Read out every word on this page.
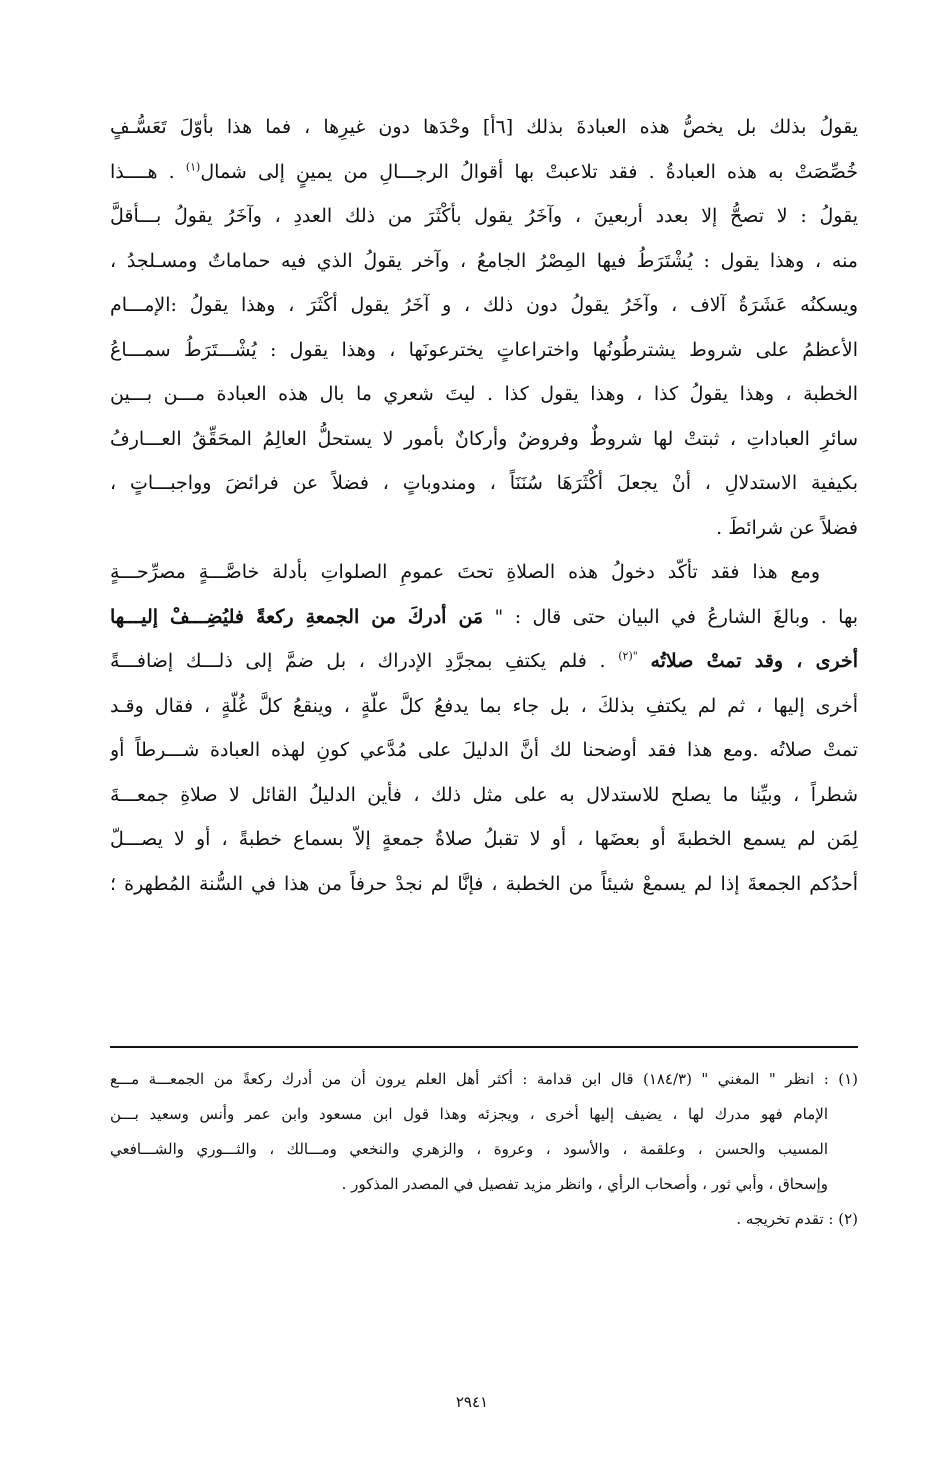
يقولُ بذلك بل يخصُّ هذه العبادةَ بذلك [٦أ] وحْدَها دون غيرِها ، فما هذا بأوّلَ تَعَسُّـفٍ
خُصِّصَتْ به هذه العبادةُ . فقد تلاعبتْ بها أقوالُ الرجـــالِ من يمينٍ إلى شمال$^{(١)}$ . هــــذا
يقولُ : لا تصحُّ إلا بعدد أربعينَ ، وآخَرُ يقول بأكْثَرَ من ذلك العددِ ، وآخَرُ يقولُ بـــأقلَّ
منه ، وهذا يقول : يُشْتَرَطُ فيها المِصْرُ الجامعُ ، وآخر يقولُ الذي فيه حماماتٌ ومسـلجدُ ،
ويسكنُه عَشَرَةُ آلاف ، وآخَرُ يقولُ دون ذلك ، و آخَرُ يقول أكْثَرَ ، وهذا يقولُ :الإمـــام
الأعظمُ على شروط يشترطُونُها واختراعاتٍ يخترعونَها ، وهذا يقول : يُشْـــتَرَطُ سمـــاعُ
الخطبة ، وهذا يقولُ كذا ، وهذا يقول كذا . ليتَ شعري ما بال هذه العبادة مـــن بـــين
سائرِ العباداتِ ، ثبتتْ لها شروطٌ وفروضٌ وأركانٌ بأمور لا يستحلُّ العالِمُ المحَقِّقُ العـــارفُ
بكيفية الاستدلالِ ، أنْ يجعلَ أكْثَرَهَا سُنَنَاً ، ومندوباتٍ ، فضلاً عن فرائضَ وواجبـــاتٍ ،
فضلاً عن شرائطَ .
ومع هذا فقد تأكّد دخولُ هذه الصلاةِ تحتَ عمومِ الصلواتِ بأدلة خاصَّـــةٍ مصرِّحـــةٍ
بها . وبالغَ الشارعُ في البيان حتى قال : " مَن أدركَ من الجمعةِ ركعةً فليُضِـــفْ إليـــها
أخرى ، وقد تمتْ صلاتُه $^{"(٢)}$ . فلم يكتفِ بمجرَّدِ الإدراك ، بل ضمَّ إلى ذلـــك إضافـــةً
أخرى إليها ، ثم لم يكتفِ بذلكَ ، بل جاء بما يدفعُ كلَّ علّةٍ ، وينقعُ كلَّ غُلّةٍ ، فقال وقـد
تمتْ صلاتُه .ومع هذا فقد أوضحنا لك أنَّ الدليلَ على مُدَّعي كونِ لهذه العبادة شـــرطاً أو
شطراً ، وبيِّنا ما يصلح للاستدلال به على مثل ذلك ، فأين الدليلُ القائل لا صلاةِ جمعـــةَ
لِمَن لم يسمع الخطبةَ أو بعضَها ، أو لا تقبلُ صلاةُ جمعةٍ إلاّ بسماع خطبةً ، أو لا يصـــلّ
أحدُكم الجمعةَ إذا لم يسمعْ شيئاً من الخطبة ، فإنَّا لم نجدْ حرفاً من هذا في السُّنة المُطهرة ؛
(١) : انظر " المغني " (١٨٤/٣) قال ابن قدامة : أكثر أهل العلم يرون أن من أدرك ركعةً من الجمعـــة مـــع
الإمام فهو مدرك لها ، يضيف إليها أخرى ، ويجزئه وهذا قول ابن مسعود وابن عمر وأنس وسعيد بـــن
المسيب والحسن ، وعلقمة ، والأسود ، وعروة ، والزهري والنخعي ومـــالك ، والثـــوري والشـــافعي
وإسحاق ، وأبي ثور ، وأصحاب الرأي ، وانظر مزيد تفصيل في المصدر المذكور .
(٢) : تقدم تخريجه .
٢٩٤١
